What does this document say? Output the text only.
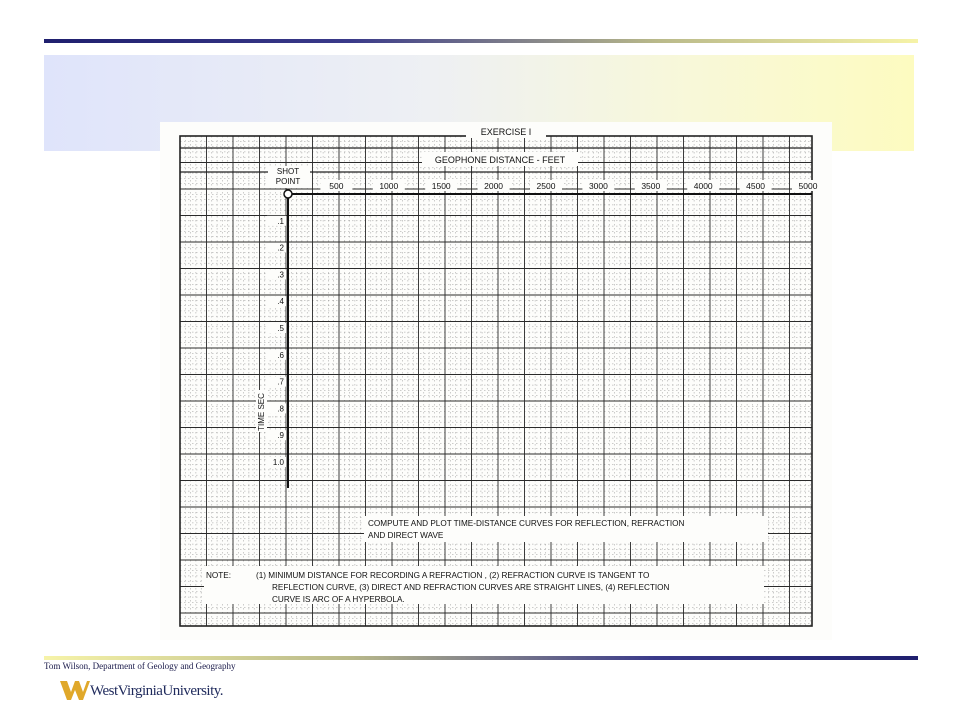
EXERCISE I
GEOPHONE DISTANCE - FEET
SHOT
POINT	500	1000	1500	2000	2500	3000	3500	4000	4500	5000
.1
.2
.3
.4
.5
.6
.7
.8
.9
1.0
TIME SEC
COMPUTE AND PLOT TIME-DISTANCE CURVES FOR REFLECTION, REFRACTION
AND DIRECT WAVE
NOTE:	(1) MINIMUM DISTANCE FOR RECORDING A REFRACTION , (2) REFRACTION CURVE IS TANGENT TO
REFLECTION CURVE, (3) DIRECT AND REFRACTION CURVES ARE STRAIGHT LINES, (4) REFLECTION
CURVE IS ARC OF A HYPERBOLA.
Tom Wilson, Department of Geology and Geography
WestVirginiaUniversity.
